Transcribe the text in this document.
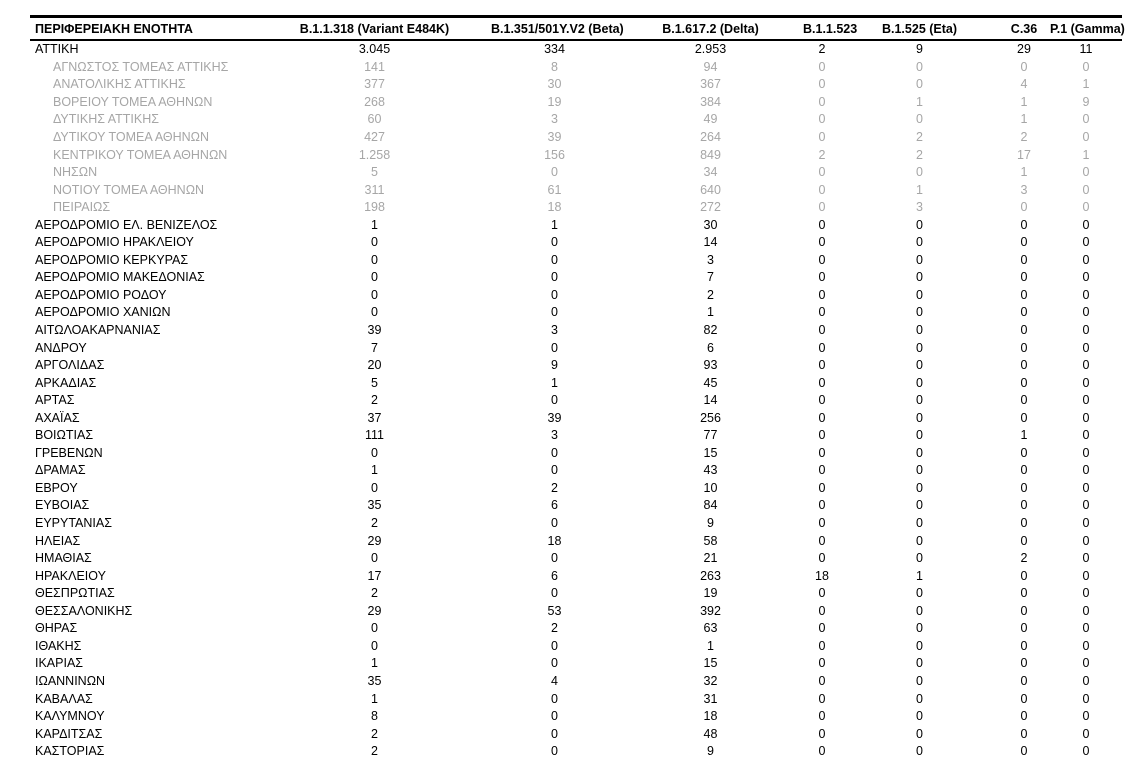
ΠΕΡΙΦΕΡΕΙΑΚΗ ΕΝΟΤΗΤΑ	B.1.1.318 (Variant E484K)	B.1.351/501Y.V2 (Beta)	B.1.617.2 (Delta)	B.1.1.523	B.1.525 (Eta)	C.36	P.1 (Gamma)
ΑΤΤΙΚΗ	3.045	334	2.953	2	9	29	11
ΑΓΝΩΣΤΟΣ ΤΟΜΕΑΣ ΑΤΤΙΚΗΣ	141	8	94	0	0	0	0
ΑΝΑΤΟΛΙΚΗΣ ΑΤΤΙΚΗΣ	377	30	367	0	0	4	1
ΒΟΡΕΙΟΥ ΤΟΜΕΑ ΑΘΗΝΩΝ	268	19	384	0	1	1	9
ΔΥΤΙΚΗΣ ΑΤΤΙΚΗΣ	60	3	49	0	0	1	0
ΔΥΤΙΚΟΥ ΤΟΜΕΑ ΑΘΗΝΩΝ	427	39	264	0	2	2	0
ΚΕΝΤΡΙΚΟΥ ΤΟΜΕΑ ΑΘΗΝΩΝ	1.258	156	849	2	2	17	1
ΝΗΣΩΝ	5	0	34	0	0	1	0
ΝΟΤΙΟΥ ΤΟΜΕΑ ΑΘΗΝΩΝ	311	61	640	0	1	3	0
ΠΕΙΡΑΙΩΣ	198	18	272	0	3	0	0
ΑΕΡΟΔΡΟΜΙΟ ΕΛ. ΒΕΝΙΖΕΛΟΣ	1	1	30	0	0	0	0
ΑΕΡΟΔΡΟΜΙΟ ΗΡΑΚΛΕΙΟΥ	0	0	14	0	0	0	0
ΑΕΡΟΔΡΟΜΙΟ ΚΕΡΚΥΡΑΣ	0	0	3	0	0	0	0
ΑΕΡΟΔΡΟΜΙΟ ΜΑΚΕΔΟΝΙΑΣ	0	0	7	0	0	0	0
ΑΕΡΟΔΡΟΜΙΟ ΡΟΔΟΥ	0	0	2	0	0	0	0
ΑΕΡΟΔΡΟΜΙΟ ΧΑΝΙΩΝ	0	0	1	0	0	0	0
ΑΙΤΩΛΟΑΚΑΡΝΑΝΙΑΣ	39	3	82	0	0	0	0
ΑΝΔΡΟΥ	7	0	6	0	0	0	0
ΑΡΓΟΛΙΔΑΣ	20	9	93	0	0	0	0
ΑΡΚΑΔΙΑΣ	5	1	45	0	0	0	0
ΑΡΤΑΣ	2	0	14	0	0	0	0
ΑΧΑΪΑΣ	37	39	256	0	0	0	0
ΒΟΙΩΤΙΑΣ	111	3	77	0	0	1	0
ΓΡΕΒΕΝΩΝ	0	0	15	0	0	0	0
ΔΡΑΜΑΣ	1	0	43	0	0	0	0
ΕΒΡΟΥ	0	2	10	0	0	0	0
ΕΥΒΟΙΑΣ	35	6	84	0	0	0	0
ΕΥΡΥΤΑΝΙΑΣ	2	0	9	0	0	0	0
ΗΛΕΙΑΣ	29	18	58	0	0	0	0
ΗΜΑΘΙΑΣ	0	0	21	0	0	2	0
ΗΡΑΚΛΕΙΟΥ	17	6	263	18	1	0	0
ΘΕΣΠΡΩΤΙΑΣ	2	0	19	0	0	0	0
ΘΕΣΣΑΛΟΝΙΚΗΣ	29	53	392	0	0	0	0
ΘΗΡΑΣ	0	2	63	0	0	0	0
ΙΘΑΚΗΣ	0	0	1	0	0	0	0
ΙΚΑΡΙΑΣ	1	0	15	0	0	0	0
ΙΩΑΝΝΙΝΩΝ	35	4	32	0	0	0	0
ΚΑΒΑΛΑΣ	1	0	31	0	0	0	0
ΚΑΛΥΜΝΟΥ	8	0	18	0	0	0	0
ΚΑΡΔΙΤΣΑΣ	2	0	48	0	0	0	0
ΚΑΣΤΟΡΙΑΣ	2	0	9	0	0	0	0
